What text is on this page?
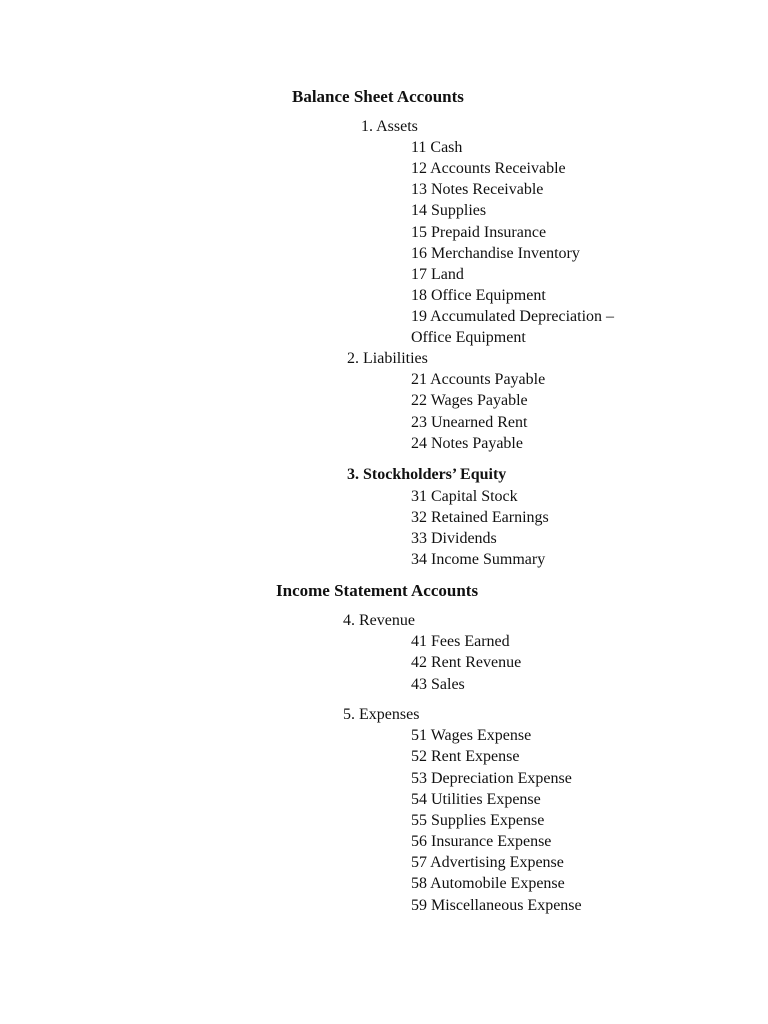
Balance Sheet Accounts
1. Assets
11 Cash
12 Accounts Receivable
13 Notes Receivable
14 Supplies
15 Prepaid Insurance
16 Merchandise Inventory
17 Land
18 Office Equipment
19 Accumulated Depreciation –
Office Equipment
2. Liabilities
21 Accounts Payable
22 Wages Payable
23 Unearned Rent
24 Notes Payable
3. Stockholders’ Equity
31 Capital Stock
32 Retained Earnings
33 Dividends
34 Income Summary
Income Statement Accounts
4. Revenue
41 Fees Earned
42 Rent Revenue
43 Sales
5. Expenses
51 Wages Expense
52 Rent Expense
53 Depreciation Expense
54 Utilities Expense
55 Supplies Expense
56 Insurance Expense
57 Advertising Expense
58 Automobile Expense
59 Miscellaneous Expense
